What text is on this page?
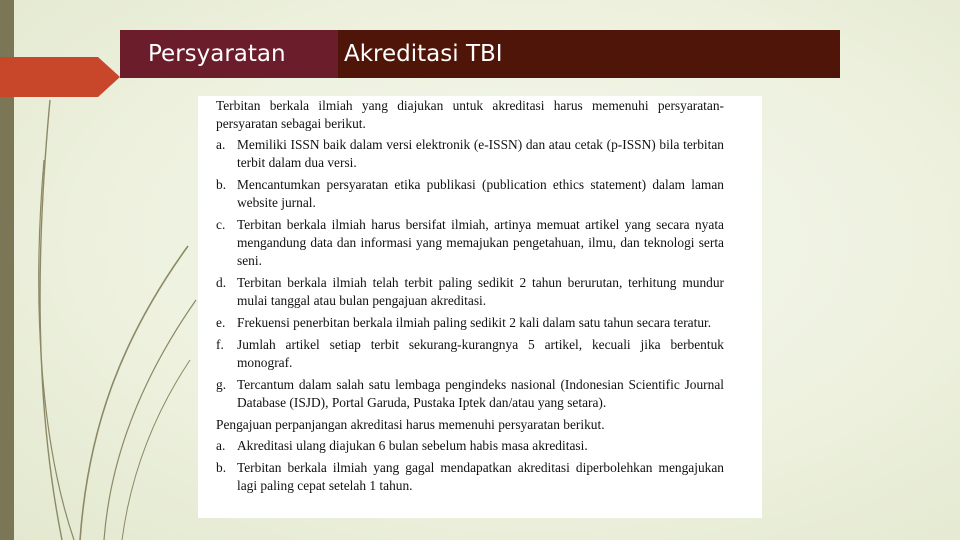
Persyaratan	Akreditasi TBI

Terbitan berkala ilmiah yang diajukan untuk akreditasi harus memenuhi persyaratan-persyaratan sebagai berikut.

a. Memiliki ISSN baik dalam versi elektronik (e-ISSN) dan atau cetak (p-ISSN) bila terbitan terbit dalam dua versi.
b. Mencantumkan persyaratan etika publikasi (publication ethics statement) dalam laman website jurnal.
c. Terbitan berkala ilmiah harus bersifat ilmiah, artinya memuat artikel yang secara nyata mengandung data dan informasi yang memajukan pengetahuan, ilmu, dan teknologi serta seni.
d. Terbitan berkala ilmiah telah terbit paling sedikit 2 tahun berurutan, terhitung mundur mulai tanggal atau bulan pengajuan akreditasi.
e. Frekuensi penerbitan berkala ilmiah paling sedikit 2 kali dalam satu tahun secara teratur.
f. Jumlah artikel setiap terbit sekurang-kurangnya 5 artikel, kecuali jika berbentuk monograf.
g. Tercantum dalam salah satu lembaga pengindeks nasional (Indonesian Scientific Journal Database (ISJD), Portal Garuda, Pustaka Iptek dan/atau yang setara).

Pengajuan perpanjangan akreditasi harus memenuhi persyaratan berikut.

a. Akreditasi ulang diajukan 6 bulan sebelum habis masa akreditasi.
b. Terbitan berkala ilmiah yang gagal mendapatkan akreditasi diperbolehkan mengajukan lagi paling cepat setelah 1 tahun.
